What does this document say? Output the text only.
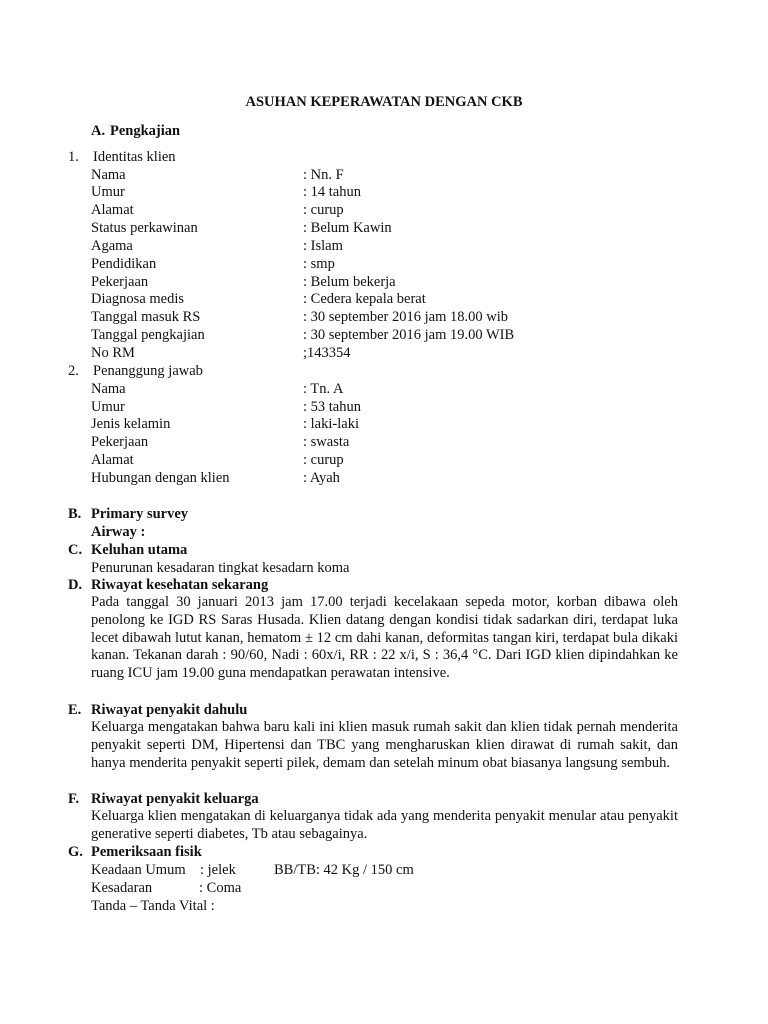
ASUHAN KEPERAWATAN DENGAN CKB
A. Pengkajian
1. Identitas klien
Nama	: Nn. F
Umur	: 14 tahun
Alamat	: curup
Status perkawinan	: Belum Kawin
Agama	: Islam
Pendidikan	: smp
Pekerjaan	: Belum bekerja
Diagnosa medis	: Cedera kepala berat
Tanggal masuk RS	: 30 september 2016 jam 18.00 wib
Tanggal pengkajian	: 30 september 2016 jam 19.00 WIB
No RM	;143354
2. Penanggung jawab
Nama	: Tn. A
Umur	: 53 tahun
Jenis kelamin	: laki-laki
Pekerjaan	: swasta
Alamat	: curup
Hubungan dengan klien	: Ayah
B. Primary survey
Airway :
C. Keluhan utama
Penurunan kesadaran tingkat kesadarn koma
D. Riwayat kesehatan sekarang

Pada tanggal 30 januari 2013 jam 17.00 terjadi kecelakaan sepeda motor, korban dibawa oleh penolong ke IGD RS Saras Husada. Klien datang dengan kondisi tidak sadarkan diri, terdapat luka lecet dibawah lutut kanan, hematom ± 12 cm dahi kanan, deformitas tangan kiri, terdapat bula dikaki kanan. Tekanan darah : 90/60, Nadi : 60x/i, RR : 22 x/i, S : 36,4 °C. Dari IGD klien dipindahkan ke ruang ICU jam 19.00 guna mendapatkan perawatan intensive.

E. Riwayat penyakit dahulu

Keluarga mengatakan bahwa baru kali ini klien masuk rumah sakit dan klien tidak pernah menderita penyakit seperti DM, Hipertensi dan TBC yang mengharuskan klien dirawat di rumah sakit, dan hanya menderita penyakit seperti pilek, demam dan setelah minum obat biasanya langsung sembuh.

F. Riwayat penyakit keluarga

Keluarga klien mengatakan di keluarganya tidak ada yang menderita penyakit menular atau penyakit generative seperti diabetes, Tb atau sebagainya.

G. Pemeriksaan fisik
Keadaan Umum : jelek	BB/TB: 42 Kg / 150 cm
Kesadaran	: Coma
Tanda – Tanda Vital :
